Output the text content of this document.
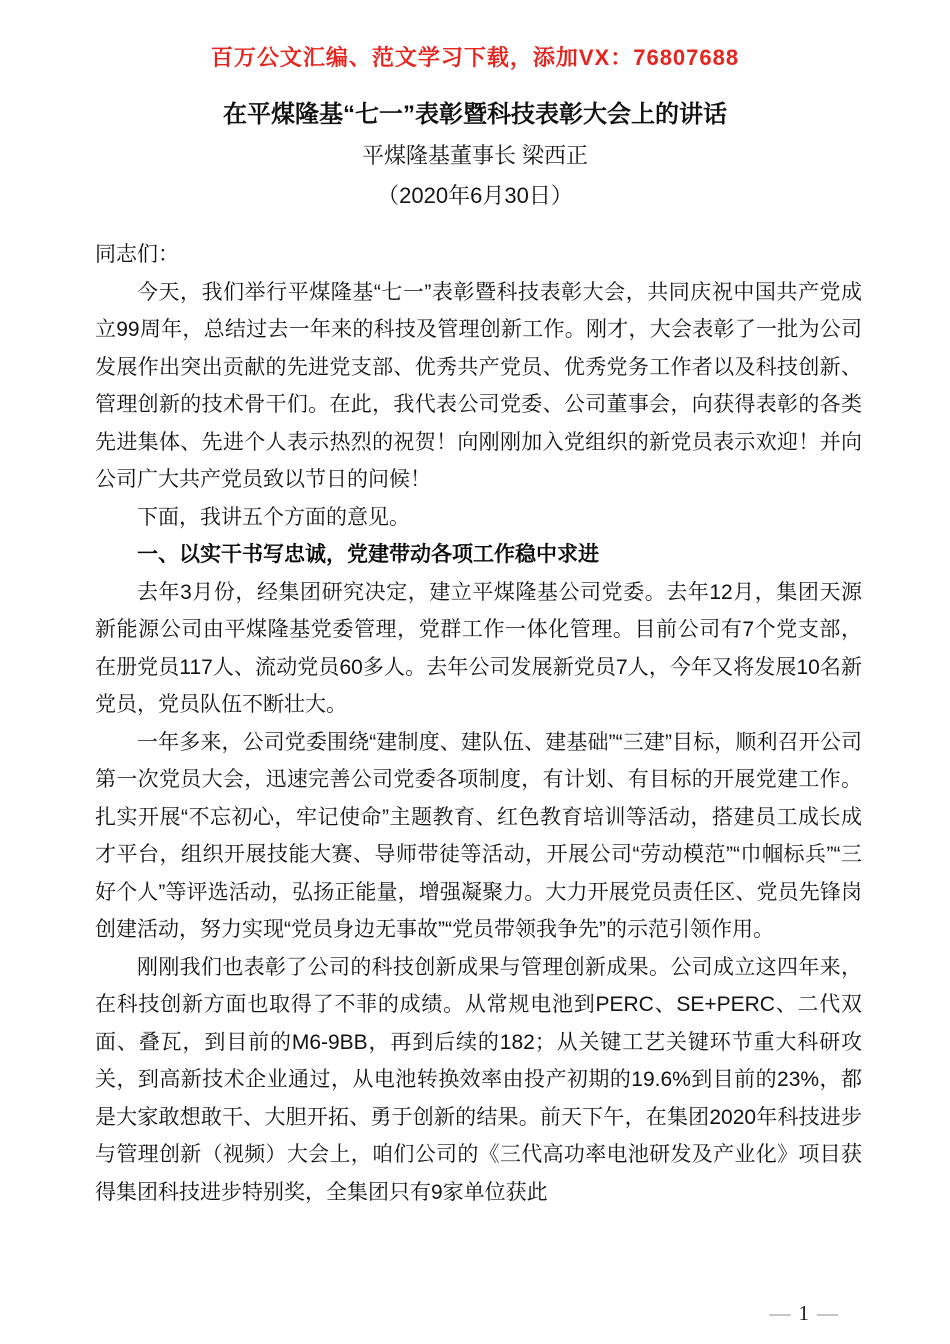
百万公文汇编、范文学习下载，添加VX：76807688
在平煤隆基“七一”表彰暨科技表彰大会上的讲话
平煤隆基董事长 梁西正
（2020年6月30日）

同志们：

今天，我们举行平煤隆基“七一”表彰暨科技表彰大会，共同庆祝中国共产党成立99周年，总结过去一年来的科技及管理创新工作。刚才，大会表彰了一批为公司发展作出突出贡献的先进党支部、优秀共产党员、优秀党务工作者以及科技创新、管理创新的技术骨干们。在此，我代表公司党委、公司董事会，向获得表彰的各类先进集体、先进个人表示热烈的祝贺！向刚刚加入党组织的新党员表示欢迎！并向公司广大共产党员致以节日的问候！

下面，我讲五个方面的意见。

一、以实干书写忠诚，党建带动各项工作稳中求进

去年3月份，经集团研究决定，建立平煤隆基公司党委。去年12月，集团天源新能源公司由平煤隆基党委管理，党群工作一体化管理。目前公司有7个党支部，在册党员117人、流动党员60多人。去年公司发展新党员7人，今年又将发展10名新党员，党员队伍不断壮大。

一年多来，公司党委围绕“建制度、建队伍、建基础”“三建”目标，顺利召开公司第一次党员大会，迅速完善公司党委各项制度，有计划、有目标的开展党建工作。扎实开展“不忘初心，牢记使命”主题教育、红色教育培训等活动，搭建员工成长成才平台，组织开展技能大赛、导师带徒等活动，开展公司“劳动模范”“巾帼标兵”“三好个人”等评选活动，弘扬正能量，增强凝聚力。大力开展党员责任区、党员先锋岗创建活动，努力实现“党员身边无事故”“党员带领我争先”的示范引领作用。

刚刚我们也表彰了公司的科技创新成果与管理创新成果。公司成立这四年来，在科技创新方面也取得了不菲的成绩。从常规电池到PERC、SE+PERC、二代双面、叠瓦，到目前的M6-9BB，再到后续的182；从关键工艺关键环节重大科研攻关，到高新技术企业通过，从电池转换效率由投产初期的19.6%到目前的23%，都是大家敢想敢干、大胆开拓、勇于创新的结果。前天下午，在集团2020年科技进步与管理创新（视频）大会上，咱们公司的《三代高功率电池研发及产业化》项目获得集团科技进步特别奖，全集团只有9家单位获此

— 1 —
